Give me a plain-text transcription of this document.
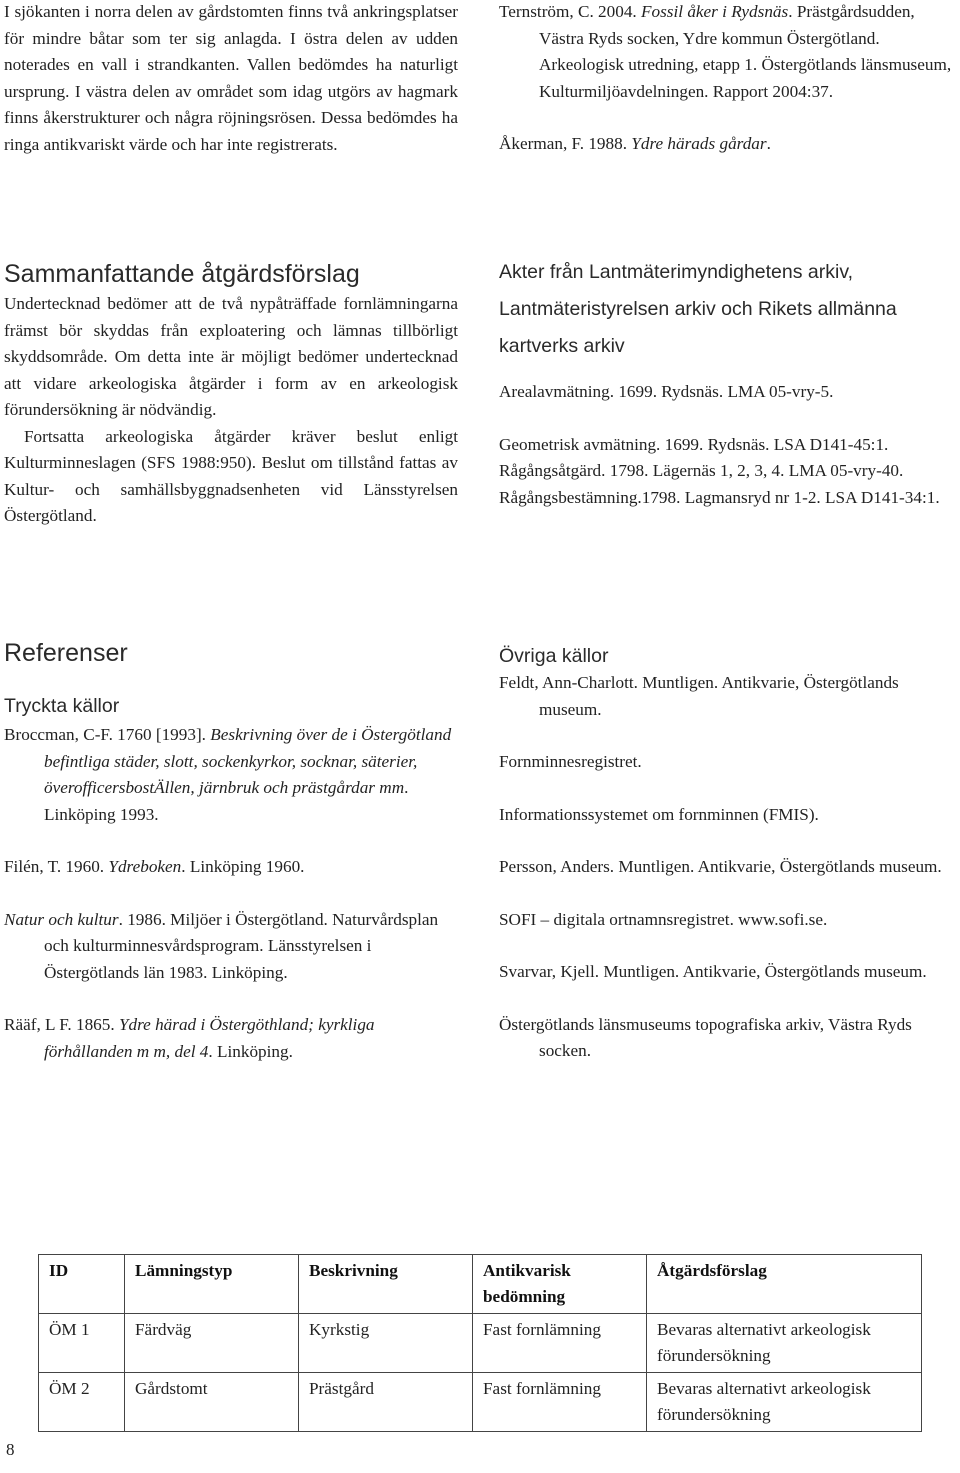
I sjökanten i norra delen av gårdstomten finns två ankringsplatser för mindre båtar som ter sig anlagda. I östra delen av udden noterades en vall i strandkanten. Vallen bedömdes ha naturligt ursprung. I västra delen av området som idag utgörs av hagmark finns åkerstrukturer och några röjningsrösen. Dessa bedömdes ha ringa antikvariskt värde och har inte registrerats.

Ternström, C. 2004. Fossil åker i Rydsnäs. Prästgårdsudden, Västra Ryds socken, Ydre kommun Östergötland. Arkeologisk utredning, etapp 1. Östergötlands länsmuseum, Kulturmiljöavdelningen. Rapport 2004:37.

Åkerman, F. 1988. Ydre härads gårdar.

Sammanfattande åtgärdsförslag

Undertecknad bedömer att de två nypåträffade fornlämningarna främst bör skyddas från exploatering och lämnas tillbörligt skyddsområde. Om detta inte är möjligt bedömer undertecknad att vidare arkeologiska åtgärder i form av en arkeologisk förundersökning är nödvändig.

Fortsatta arkeologiska åtgärder kräver beslut enligt Kulturminneslagen (SFS 1988:950). Beslut om tillstånd fattas av Kultur- och samhällsbyggnadsenheten vid Länsstyrelsen Östergötland.

Akter från Lantmäterimyndighetens arkiv, Lantmäteristyrelsen arkiv och Rikets allmänna kartverks arkiv

Arealavmätning. 1699. Rydsnäs. LMA 05-vry-5.

Geometrisk avmätning. 1699. Rydsnäs. LSA D141-45:1.

Rågångsåtgärd. 1798. Lägernäs 1, 2, 3, 4. LMA 05-vry-40.

Rågångsbestämning.1798. Lagmansryd nr 1-2. LSA D141-34:1.

Referenser
Tryckta källor

Broccman, C-F. 1760 [1993]. Beskrivning över de i Östergötland befintliga städer, slott, sockenkyrkor, socknar, säterier, överofficersbostÄllen, järnbruk och prästgårdar mm. Linköping 1993.

Filén, T. 1960. Ydreboken. Linköping 1960.

Natur och kultur. 1986. Miljöer i Östergötland. Naturvårdsplan och kulturminnesvårdsprogram. Länsstyrelsen i Östergötlands län 1983. Linköping.

Rääf, L F. 1865. Ydre härad i Östergöthland; kyrkliga förhållanden m m, del 4. Linköping.

Övriga källor

Feldt, Ann-Charlott. Muntligen. Antikvarie, Östergötlands museum.

Fornminnesregistret.

Informationssystemet om fornminnen (FMIS).

Persson, Anders. Muntligen. Antikvarie, Östergötlands museum.

SOFI – digitala ortnamnsregistret. www.sofi.se.

Svarvar, Kjell. Muntligen. Antikvarie, Östergötlands museum.

Östergötlands länsmuseums topografiska arkiv, Västra Ryds socken.

ID	Lämningstyp	Beskrivning	Antikvarisk bedömning	Åtgärdsförslag
ÖM 1	Färdväg	Kyrkstig	Fast fornlämning	Bevaras alternativt arkeologisk förundersökning
ÖM 2	Gårdstomt	Prästgård	Fast fornlämning	Bevaras alternativt arkeologisk förundersökning
8
